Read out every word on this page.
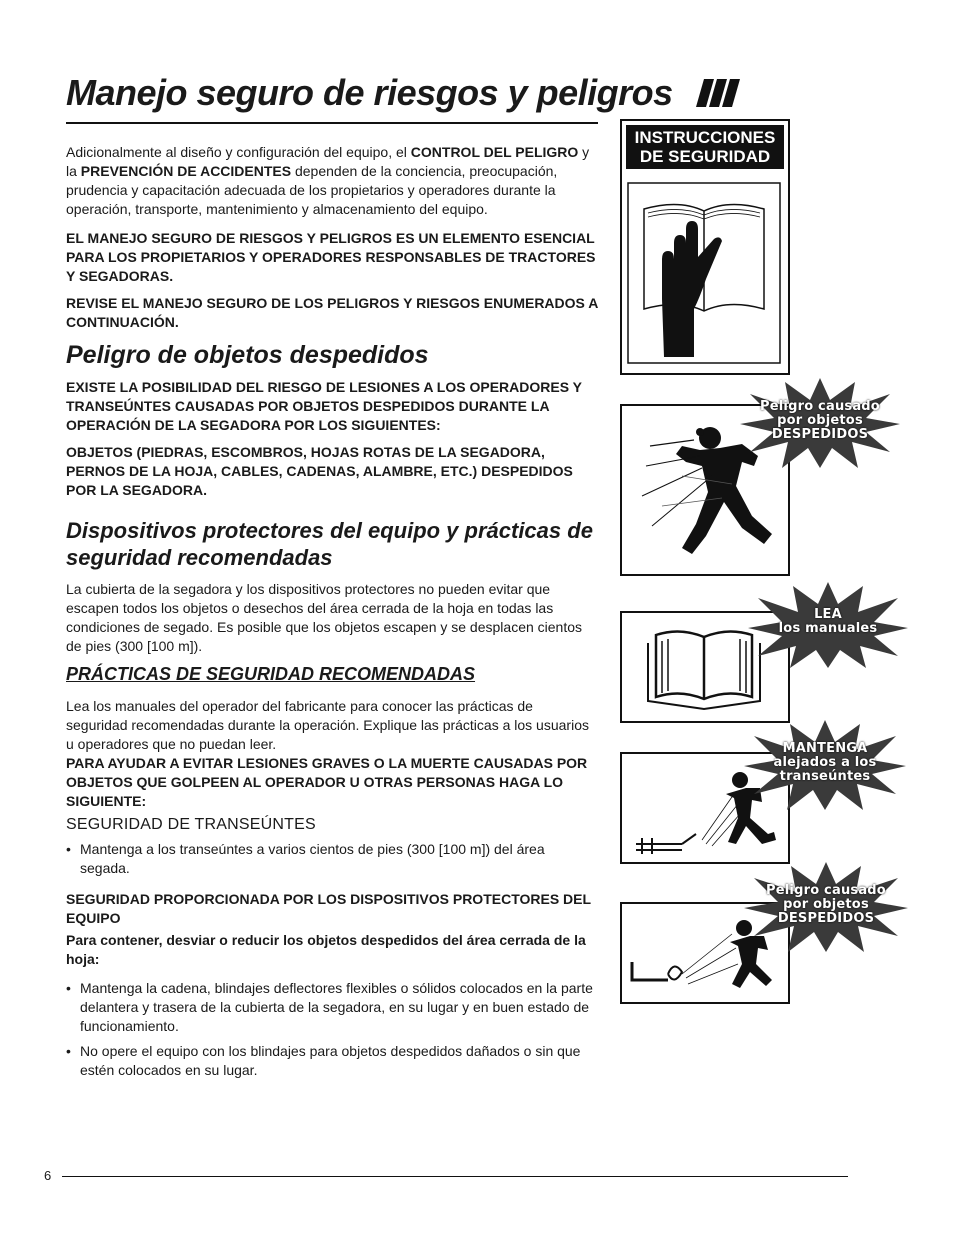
Manejo seguro de riesgos y peligros

Adicionalmente al diseño y configuración del equipo, el CONTROL DEL PELIGRO y la PREVENCIÓN DE ACCIDENTES dependen de la conciencia, preocupación, prudencia y capacitación adecuada de los propietarios y operadores durante la operación, transporte, mantenimiento y almacenamiento del equipo.

EL MANEJO SEGURO DE RIESGOS Y PELIGROS ES UN ELEMENTO ESENCIAL PARA LOS PROPIETARIOS Y OPERADORES RESPONSABLES DE TRACTORES Y SEGADORAS.

REVISE EL MANEJO SEGURO DE LOS PELIGROS Y RIESGOS ENUMERADOS A CONTINUACIÓN.

Peligro de objetos despedidos

EXISTE LA POSIBILIDAD DEL RIESGO DE LESIONES A LOS OPERADORES Y TRANSEÚNTES CAUSADAS POR OBJETOS DESPEDIDOS DURANTE LA OPERACIÓN DE LA SEGADORA POR LOS SIGUIENTES:

OBJETOS (PIEDRAS, ESCOMBROS, HOJAS ROTAS DE LA SEGADORA, PERNOS DE LA HOJA, CABLES, CADENAS, ALAMBRE, ETC.) DESPEDIDOS POR LA SEGADORA.

Dispositivos protectores del equipo y prácticas de seguridad recomendadas

La cubierta de la segadora y los dispositivos protectores no pueden evitar que escapen todos los objetos o desechos del área cerrada de la hoja en todas las condiciones de segado. Es posible que los objetos escapen y se desplacen cientos de pies (300 [100 m]).

PRÁCTICAS DE SEGURIDAD RECOMENDADAS

Lea los manuales del operador del fabricante para conocer las prácticas de seguridad recomendadas durante la operación. Explique las prácticas a los usuarios u operadores que no puedan leer.

PARA AYUDAR A EVITAR LESIONES GRAVES O LA MUERTE CAUSADAS POR OBJETOS QUE GOLPEEN AL OPERADOR U OTRAS PERSONAS HAGA LO SIGUIENTE:

SEGURIDAD DE TRANSEÚNTES

• Mantenga a los transeúntes a varios cientos de pies (300 [100 m]) del área segada.

SEGURIDAD PROPORCIONADA POR LOS DISPOSITIVOS PROTECTORES DEL EQUIPO

Para contener, desviar o reducir los objetos despedidos del área cerrada de la hoja:

• Mantenga la cadena, blindajes deflectores flexibles o sólidos colocados en la parte delantera y trasera de la cubierta de la segadora, en su lugar y en buen estado de funcionamiento.
• No opere el equipo con los blindajes para objetos despedidos dañados o sin que estén colocados en su lugar.
INSTRUCCIONES
DE SEGURIDAD
Peligro causado
por objetos
DESPEDIDOS
LEA
los manuales
MANTENGA
alejados a los
transeúntes
Peligro causado
por objetos
DESPEDIDOS
6
